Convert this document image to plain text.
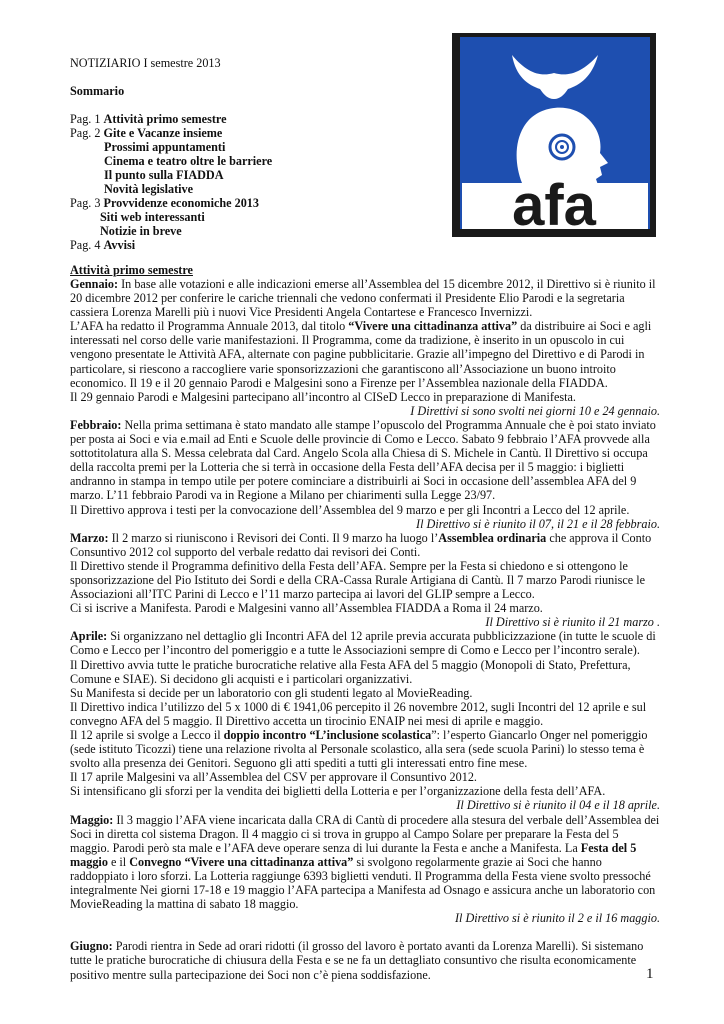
NOTIZIARIO I semestre 2013
Sommario
Pag. 1 Attività primo semestre
Pag. 2 Gite e Vacanze insieme
Prossimi appuntamenti
Cinema e teatro oltre le barriere
Il punto sulla FIADDA
Novità legislative
Pag. 3 Provvidenze economiche 2013
Siti web interessanti
Notizie in breve
Pag. 4 Avvisi
afa
Attività primo semestre

Gennaio: In base alle votazioni e alle indicazioni emerse all’Assemblea del 15 dicembre 2012, il Direttivo si è riunito il 20 dicembre 2012 per conferire le cariche triennali che vedono confermati il Presidente Elio Parodi e la segretaria cassiera Lorenza Marelli più i nuovi Vice Presidenti Angela Contartese e Francesco Invernizzi.

L’AFA ha redatto il Programma Annuale 2013, dal titolo “Vivere una cittadinanza attiva” da distribuire ai Soci e agli interessati nel corso delle varie manifestazioni. Il Programma, come da tradizione, è inserito in un opuscolo in cui vengono presentate le Attività AFA, alternate con pagine pubblicitarie. Grazie all’impegno del Direttivo e di Parodi in particolare, si riescono a raccogliere varie sponsorizzazioni che garantiscono all’Associazione un buono introito economico. Il 19 e il 20 gennaio Parodi e Malgesini sono a Firenze per l’Assemblea nazionale della FIADDA.

Il 29 gennaio Parodi e Malgesini partecipano all’incontro al CISeD Lecco in preparazione di Manifesta.

I Direttivi si sono svolti nei giorni 10 e 24 gennaio.

Febbraio: Nella prima settimana è stato mandato alle stampe l’opuscolo del Programma Annuale che è poi stato inviato per posta ai Soci e via e.mail ad Enti e Scuole delle provincie di Como e Lecco. Sabato 9 febbraio l’AFA provvede alla sottotitolatura alla S. Messa celebrata dal Card. Angelo Scola alla Chiesa di S. Michele in Cantù. Il Direttivo si occupa della raccolta premi per la Lotteria che si terrà in occasione della Festa dell’AFA decisa per il 5 maggio: i biglietti andranno in stampa in tempo utile per potere cominciare a distribuirli ai Soci in occasione dell’assemblea AFA del 9 marzo. L’11 febbraio Parodi va in Regione a Milano per chiarimenti sulla Legge 23/97.

Il Direttivo approva i testi per la convocazione dell’Assemblea del 9 marzo e per gli Incontri a Lecco del 12 aprile.

Il Direttivo si è riunito il 07, il 21 e il 28 febbraio.

Marzo: Il 2 marzo si riuniscono i Revisori dei Conti. Il 9 marzo ha luogo l’Assemblea ordinaria che approva il Conto Consuntivo 2012 col supporto del verbale redatto dai revisori dei Conti.

Il Direttivo stende il Programma definitivo della Festa dell’AFA. Sempre per la Festa si chiedono e si ottengono le sponsorizzazione del Pio Istituto dei Sordi e della CRA-Cassa Rurale Artigiana di Cantù. Il 7 marzo Parodi riunisce le Associazioni all’ITC Parini di Lecco e l’11 marzo partecipa ai lavori del GLIP sempre a Lecco.

Ci si iscrive a Manifesta. Parodi e Malgesini vanno all’Assemblea FIADDA a Roma il 24 marzo.

Il Direttivo si è riunito il 21 marzo .

Aprile: Si organizzano nel dettaglio gli Incontri AFA del 12 aprile previa accurata pubblicizzazione (in tutte le scuole di Como e Lecco per l’incontro del pomeriggio e a tutte le Associazioni sempre di Como e Lecco per l’incontro serale).

Il Direttivo avvia tutte le pratiche burocratiche relative alla Festa AFA del 5 maggio (Monopoli di Stato, Prefettura, Comune e SIAE). Si decidono gli acquisti e i particolari organizzativi.

Su Manifesta si decide per un laboratorio con gli studenti legato al MovieReading.

Il Direttivo indica l’utilizzo del 5 x 1000 di € 1941,06 percepito il 26 novembre 2012, sugli Incontri del 12 aprile e sul convegno AFA del 5 maggio. Il Direttivo accetta un tirocinio ENAIP nei mesi di aprile e maggio.

Il 12 aprile si svolge a Lecco il doppio incontro “L’inclusione scolastica”: l’esperto Giancarlo Onger nel pomeriggio (sede istituto Ticozzi) tiene una relazione rivolta al Personale scolastico, alla sera (sede scuola Parini) lo stesso tema è svolto alla presenza dei Genitori. Seguono gli atti spediti a tutti gli interessati entro fine mese.

Il 17 aprile Malgesini va all’Assemblea del CSV per approvare il Consuntivo 2012.

Si intensificano gli sforzi per la vendita dei biglietti della Lotteria e per l’organizzazione della festa dell’AFA.

Il Direttivo si è riunito il 04 e il 18 aprile.

Maggio: Il 3 maggio l’AFA viene incaricata dalla CRA di Cantù di procedere alla stesura del verbale dell’Assemblea dei Soci in diretta col sistema Dragon. Il 4 maggio ci si trova in gruppo al Campo Solare per preparare la Festa del 5 maggio. Parodi però sta male e l’AFA deve operare senza di lui durante la Festa e anche a Manifesta. La Festa del 5 maggio e il Convegno “Vivere una cittadinanza attiva” si svolgono regolarmente grazie ai Soci che hanno raddoppiato i loro sforzi. La Lotteria raggiunge 6393 biglietti venduti. Il Programma della Festa viene svolto pressoché integralmente Nei giorni 17-18 e 19 maggio l’AFA partecipa a Manifesta ad Osnago e assicura anche un laboratorio con MovieReading la mattina di sabato 18 maggio.

Il Direttivo si è riunito il 2 e il 16 maggio.

Giugno: Parodi rientra in Sede ad orari ridotti (il grosso del lavoro è portato avanti da Lorenza Marelli). Si sistemano tutte le pratiche burocratiche di chiusura della Festa e se ne fa un dettagliato consuntivo che risulta economicamente positivo mentre sulla partecipazione dei Soci non c’è piena soddisfazione.	1
